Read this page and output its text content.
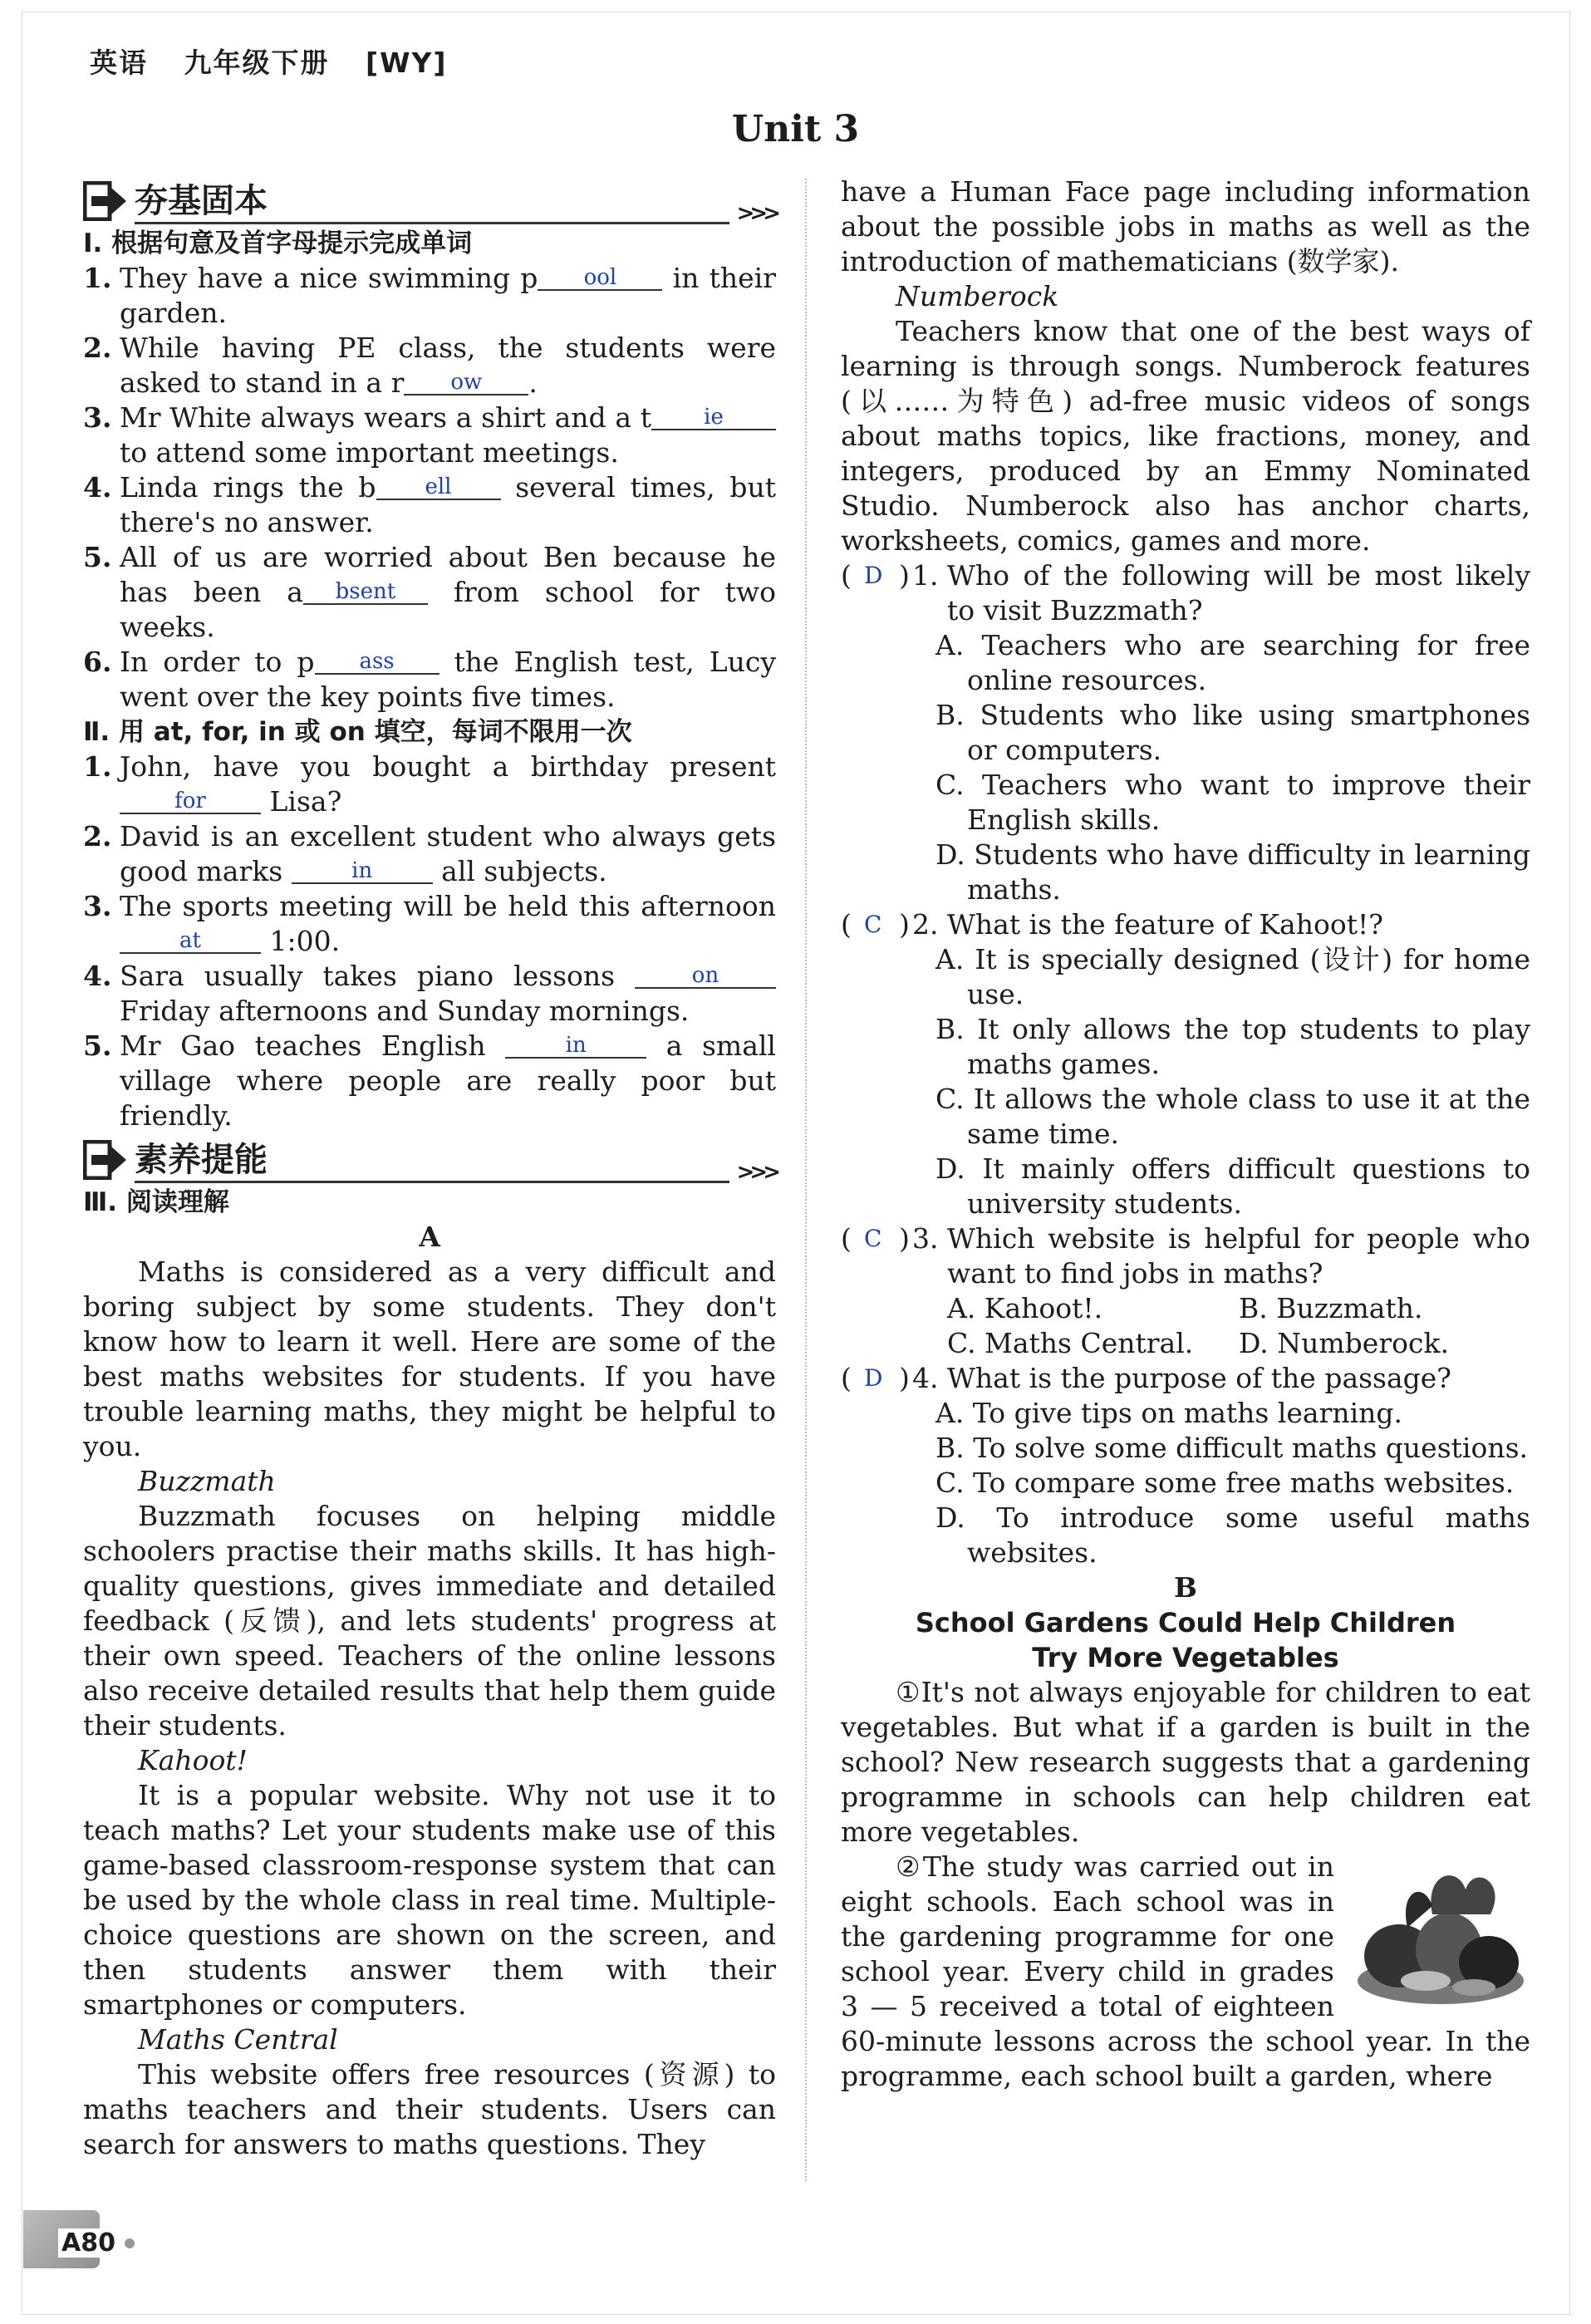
英语 九年级下册 [WY]
Unit 3
夯基固本	>>>
Ⅰ. 根据句意及首字母提示完成单词
1. They have a nice swimming p ool in their garden.
2. While having PE class, the students were asked to stand in a r ow .
3. Mr White always wears a shirt and a t ie to attend some important meetings.
4. Linda rings the b ell several times, but there's no answer.
5. All of us are worried about Ben because he has been a bsent from school for two weeks.
6. In order to p ass the English test, Lucy went over the key points five times.
Ⅱ. 用 at, for, in 或 on 填空，每词不限用一次
1. John, have you bought a birthday present for Lisa?
2. David is an excellent student who always gets good marks	in all subjects.
3. The sports meeting will be held this afternoon at 1:00.
4. Sara usually takes piano lessons	on Friday afternoons and Sunday mornings.
5. Mr Gao teaches English	in a small village where people are really poor but friendly.
素养提能	>>>
Ⅲ. 阅读理解
A
Maths is considered as a very difficult and boring subject by some students. They don't know how to learn it well. Here are some of the best maths websites for students. If you have trouble learning maths, they might be helpful to you.
Buzzmath
Buzzmath focuses on helping middle schoolers practise their maths skills. It has high-quality questions, gives immediate and detailed feedback (反馈), and lets students' progress at their own speed. Teachers of the online lessons also receive detailed results that help them guide their students.
Kahoot!
It is a popular website. Why not use it to teach maths? Let your students make use of this game-based classroom-response system that can be used by the whole class in real time. Multiple-choice questions are shown on the screen, and then students answer them with their smartphones or computers.
Maths Central
This website offers free resources (资源) to maths teachers and their students. Users can search for answers to maths questions. They
have a Human Face page including information about the possible jobs in maths as well as the introduction of mathematicians (数学家).
Numberock
Teachers know that one of the best ways of learning is through songs. Numberock features (以……为特色) ad-free music videos of songs about maths topics, like fractions, money, and integers, produced by an Emmy Nominated Studio. Numberock also has anchor charts, worksheets, comics, games and more.
( D ) 1. Who of the following will be most likely to visit Buzzmath?
A. Teachers who are searching for free online resources.
B. Students who like using smartphones or computers.
C. Teachers who want to improve their English skills.
D. Students who have difficulty in learning maths.
( C ) 2. What is the feature of Kahoot!?
A. It is specially designed (设计) for home use.
B. It only allows the top students to play maths games.
C. It allows the whole class to use it at the same time.
D. It mainly offers difficult questions to university students.
( C ) 3. Which website is helpful for people who want to find jobs in maths?
A. Kahoot!.	B. Buzzmath.
C. Maths Central.	D. Numberock.
( D ) 4. What is the purpose of the passage?
A. To give tips on maths learning.
B. To solve some difficult maths questions.
C. To compare some free maths websites.
D. To introduce some useful maths websites.
B
School Gardens Could Help Children
Try More Vegetables
①It's not always enjoyable for children to eat vegetables. But what if a garden is built in the school? New research suggests that a gardening programme in schools can help children eat more vegetables.
②The study was carried out in eight schools. Each school was in the gardening programme for one school year. Every child in grades 3 — 5 received a total of eighteen 60-minute lessons across the school year. In the programme, each school built a garden, where
A80
